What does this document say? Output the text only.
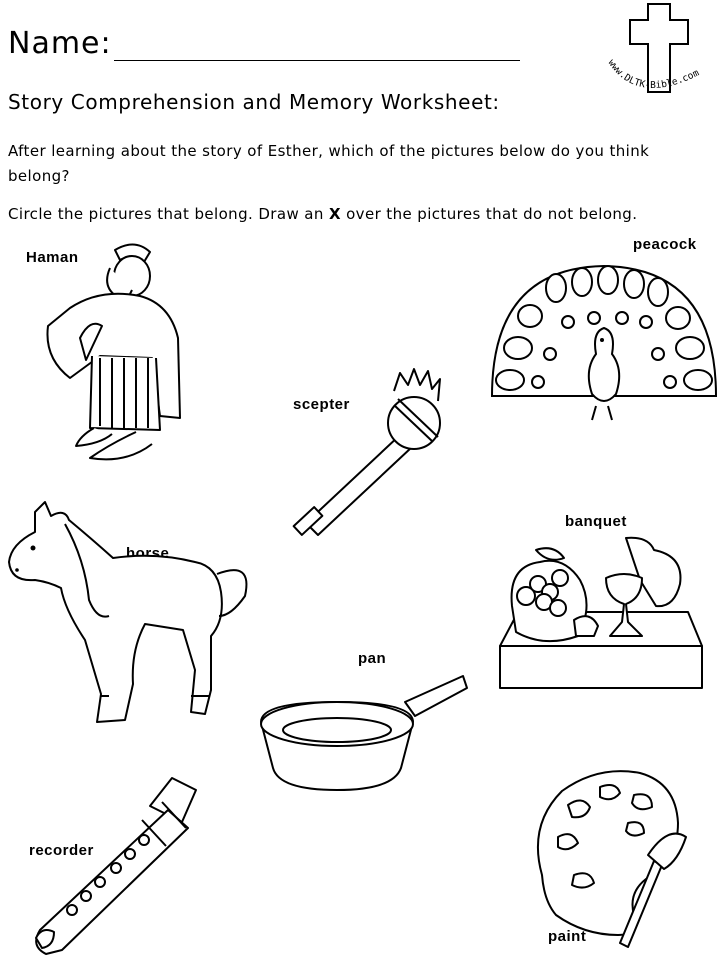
Name:
www.DLTK-Bible.com
Story Comprehension and Memory Worksheet:
After learning about the story of Esther, which of the pictures below do you think belong?
Circle the pictures that belong. Draw an X over the pictures that do not belong.
Haman
peacock
scepter
banquet
horse
pan
recorder
paint
